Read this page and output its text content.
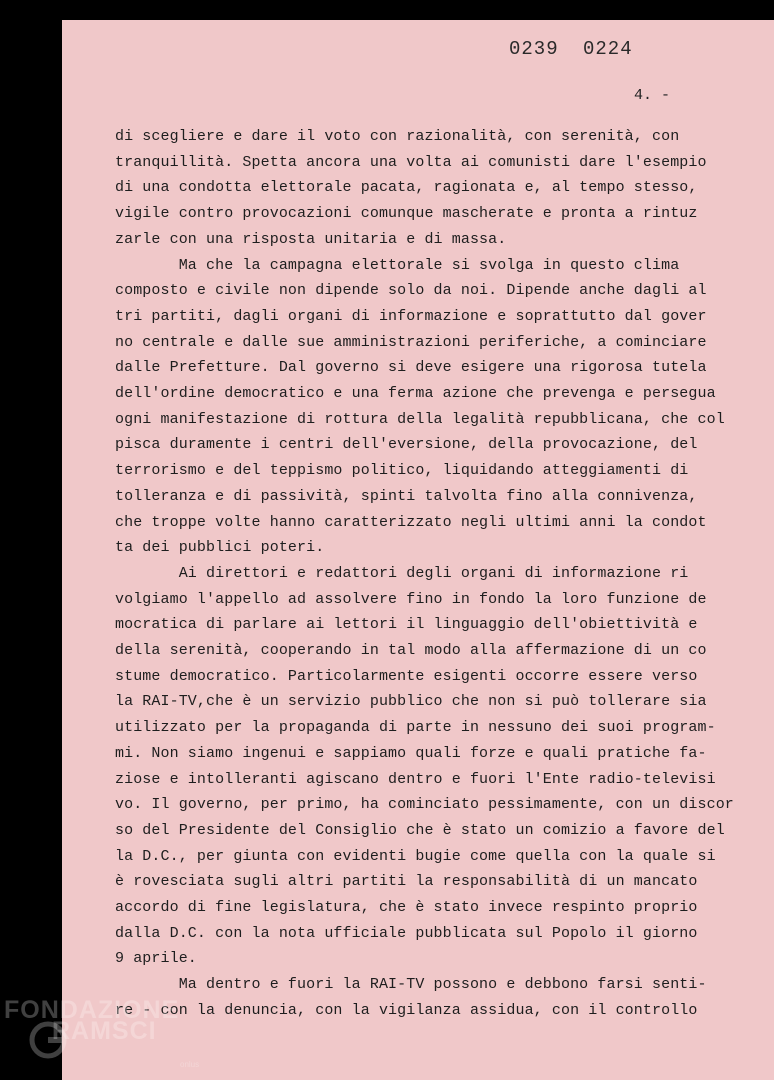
0239 0224
4. -
di scegliere e dare il voto con razionalità, con serenità, con
tranquillità. Spetta ancora una volta ai comunisti dare l'esempio
di una condotta elettorale pacata, ragionata e, al tempo stesso,
vigile contro provocazioni comunque mascherate e pronta a rintuz
zarle con una risposta unitaria e di massa.
Ma che la campagna elettorale si svolga in questo clima
composto e civile non dipende solo da noi. Dipende anche dagli al
tri partiti, dagli organi di informazione e soprattutto dal gover
no centrale e dalle sue amministrazioni periferiche, a cominciare
dalle Prefetture. Dal governo si deve esigere una rigorosa tutela
dell'ordine democratico e una ferma azione che prevenga e persegua
ogni manifestazione di rottura della legalità repubblicana, che col
pisca duramente i centri dell'eversione, della provocazione, del
terrorismo e del teppismo politico, liquidando atteggiamenti di
tolleranza e di passività, spinti talvolta fino alla connivenza,
che troppe volte hanno caratterizzato negli ultimi anni la condot
ta dei pubblici poteri.
Ai direttori e redattori degli organi di informazione ri
volgiamo l'appello ad assolvere fino in fondo la loro funzione de
mocratica di parlare ai lettori il linguaggio dell'obiettività e
della serenità, cooperando in tal modo alla affermazione di un co
stume democratico. Particolarmente esigenti occorre essere verso
la RAI-TV,che è un servizio pubblico che non si può tollerare sia
utilizzato per la propaganda di parte in nessuno dei suoi program-
mi. Non siamo ingenui e sappiamo quali forze e quali pratiche fa-
ziose e intolleranti agiscano dentro e fuori l'Ente radio-televisi
vo. Il governo, per primo, ha cominciato pessimamente, con un discor
so del Presidente del Consiglio che è stato un comizio a favore del
la D.C., per giunta con evidenti bugie come quella con la quale si
è rovesciata sugli altri partiti la responsabilità di un mancato
accordo di fine legislatura, che è stato invece respinto proprio
dalla D.C. con la nota ufficiale pubblicata sul Popolo il giorno
9 aprile.
Ma dentro e fuori la RAI-TV possono e debbono farsi senti-
re - con la denuncia, con la vigilanza assidua, con il controllo
FONDAZIONE
RAMSCI
onlus
